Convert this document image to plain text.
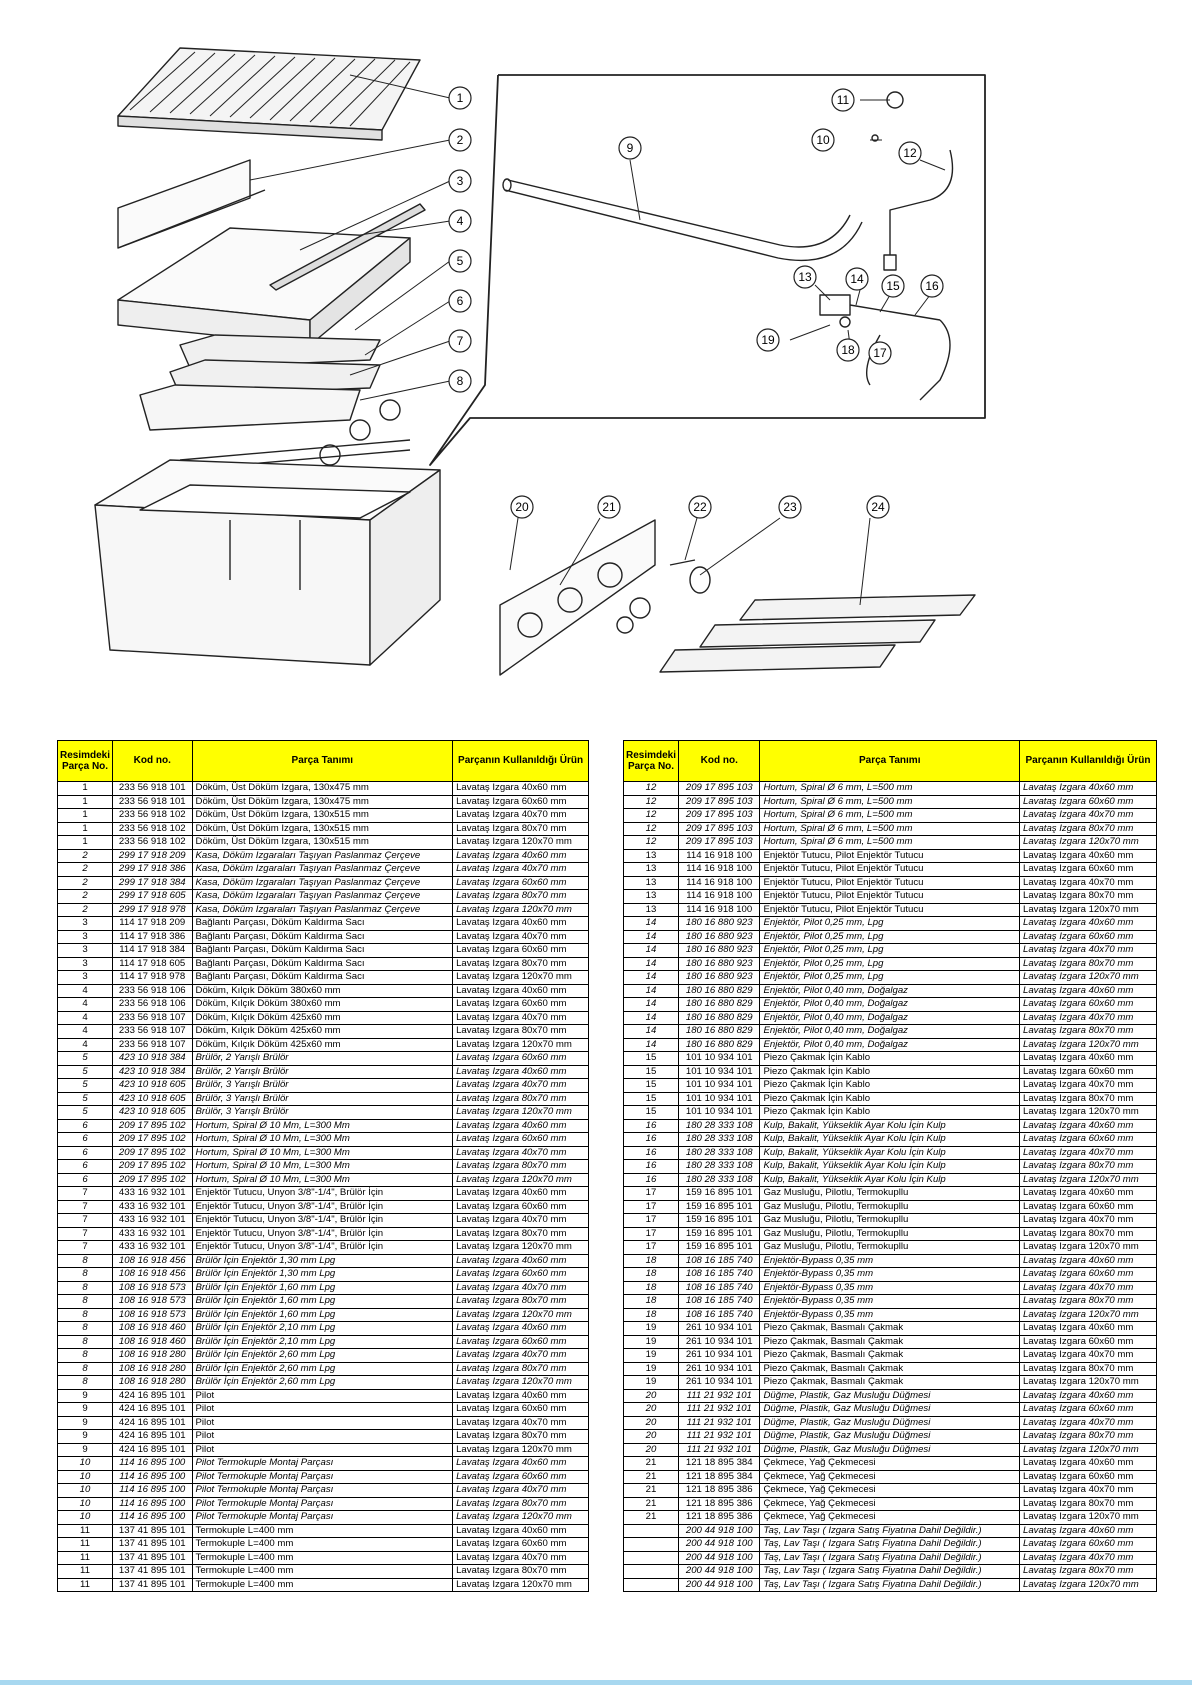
1
2
3
4
5
6
7
8
9
10
11
12
13	14 15 16
17
18
19
20	21	22	23	24
Resimdeki Parça No.	Kod no.	Parça Tanımı	Parçanın Kullanıldığı Ürün
1	233 56 918 101	Döküm, Üst Döküm Izgara, 130x475 mm	Lavataş Izgara 40x60 mm
1	233 56 918 101	Döküm, Üst Döküm Izgara, 130x475 mm	Lavataş Izgara 60x60 mm
1	233 56 918 102	Döküm, Üst Döküm Izgara, 130x515 mm	Lavataş Izgara 40x70 mm
1	233 56 918 102	Döküm, Üst Döküm Izgara, 130x515 mm	Lavataş Izgara 80x70 mm
1	233 56 918 102	Döküm, Üst Döküm Izgara, 130x515 mm	Lavataş Izgara 120x70 mm
2	299 17 918 209	Kasa, Döküm Izgaraları Taşıyan Paslanmaz Çerçeve	Lavataş Izgara 40x60 mm
2	299 17 918 386	Kasa, Döküm Izgaraları Taşıyan Paslanmaz Çerçeve	Lavataş Izgara 40x70 mm
2	299 17 918 384	Kasa, Döküm Izgaraları Taşıyan Paslanmaz Çerçeve	Lavataş Izgara 60x60 mm
2	299 17 918 605	Kasa, Döküm Izgaraları Taşıyan Paslanmaz Çerçeve	Lavataş Izgara 80x70 mm
2	299 17 918 978	Kasa, Döküm Izgaraları Taşıyan Paslanmaz Çerçeve	Lavataş Izgara 120x70 mm
3	114 17 918 209	Bağlantı Parçası, Döküm Kaldırma Sacı	Lavataş Izgara 40x60 mm
3	114 17 918 386	Bağlantı Parçası, Döküm Kaldırma Sacı	Lavataş Izgara 40x70 mm
3	114 17 918 384	Bağlantı Parçası, Döküm Kaldırma Sacı	Lavataş Izgara 60x60 mm
3	114 17 918 605	Bağlantı Parçası, Döküm Kaldırma Sacı	Lavataş Izgara 80x70 mm
3	114 17 918 978	Bağlantı Parçası, Döküm Kaldırma Sacı	Lavataş Izgara 120x70 mm
4	233 56 918 106	Döküm, Kılçık Döküm 380x60 mm	Lavataş Izgara 40x60 mm
4	233 56 918 106	Döküm, Kılçık Döküm 380x60 mm	Lavataş Izgara 60x60 mm
4	233 56 918 107	Döküm, Kılçık Döküm 425x60 mm	Lavataş Izgara 40x70 mm
4	233 56 918 107	Döküm, Kılçık Döküm 425x60 mm	Lavataş Izgara 80x70 mm
4	233 56 918 107	Döküm, Kılçık Döküm 425x60 mm	Lavataş Izgara 120x70 mm
5	423 10 918 384	Brülör, 2 Yarışlı Brülör	Lavataş Izgara 60x60 mm
5	423 10 918 384	Brülör, 2 Yarışlı Brülör	Lavataş Izgara 40x60 mm
5	423 10 918 605	Brülör, 3 Yarışlı Brülör	Lavataş Izgara 40x70 mm
5	423 10 918 605	Brülör, 3 Yarışlı Brülör	Lavataş Izgara 80x70 mm
5	423 10 918 605	Brülör, 3 Yarışlı Brülör	Lavataş Izgara 120x70 mm
6	209 17 895 102	Hortum, Spiral Ø 10 Mm, L=300 Mm	Lavataş Izgara 40x60 mm
6	209 17 895 102	Hortum, Spiral Ø 10 Mm, L=300 Mm	Lavataş Izgara 60x60 mm
6	209 17 895 102	Hortum, Spiral Ø 10 Mm, L=300 Mm	Lavataş Izgara 40x70 mm
6	209 17 895 102	Hortum, Spiral Ø 10 Mm, L=300 Mm	Lavataş Izgara 80x70 mm
6	209 17 895 102	Hortum, Spiral Ø 10 Mm, L=300 Mm	Lavataş Izgara 120x70 mm
7	433 16 932 101	Enjektör Tutucu, Unyon 3/8"-1/4", Brülör İçin	Lavataş Izgara 40x60 mm
7	433 16 932 101	Enjektör Tutucu, Unyon 3/8"-1/4", Brülör İçin	Lavataş Izgara 60x60 mm
7	433 16 932 101	Enjektör Tutucu, Unyon 3/8"-1/4", Brülör İçin	Lavataş Izgara 40x70 mm
7	433 16 932 101	Enjektör Tutucu, Unyon 3/8"-1/4", Brülör İçin	Lavataş Izgara 80x70 mm
7	433 16 932 101	Enjektör Tutucu, Unyon 3/8"-1/4", Brülör İçin	Lavataş Izgara 120x70 mm
8	108 16 918 456	Brülör İçin Enjektör 1,30 mm Lpg	Lavataş Izgara 40x60 mm
8	108 16 918 456	Brülör İçin Enjektör 1,30 mm Lpg	Lavataş Izgara 60x60 mm
8	108 16 918 573	Brülör İçin Enjektör 1,60 mm Lpg	Lavataş Izgara 40x70 mm
8	108 16 918 573	Brülör İçin Enjektör 1,60 mm Lpg	Lavataş Izgara 80x70 mm
8	108 16 918 573	Brülör İçin Enjektör 1,60 mm Lpg	Lavataş Izgara 120x70 mm
8	108 16 918 460	Brülör İçin Enjektör 2,10 mm Lpg	Lavataş Izgara 40x60 mm
8	108 16 918 460	Brülör İçin Enjektör 2,10 mm Lpg	Lavataş Izgara 60x60 mm
8	108 16 918 280	Brülör İçin Enjektör 2,60 mm Lpg	Lavataş Izgara 40x70 mm
8	108 16 918 280	Brülör İçin Enjektör 2,60 mm Lpg	Lavataş Izgara 80x70 mm
8	108 16 918 280	Brülör İçin Enjektör 2,60 mm Lpg	Lavataş Izgara 120x70 mm
9	424 16 895 101	Pilot	Lavataş Izgara 40x60 mm
9	424 16 895 101	Pilot	Lavataş Izgara 60x60 mm
9	424 16 895 101	Pilot	Lavataş Izgara 40x70 mm
9	424 16 895 101	Pilot	Lavataş Izgara 80x70 mm
9	424 16 895 101	Pilot	Lavataş Izgara 120x70 mm
10	114 16 895 100	Pilot Termokuple Montaj Parçası	Lavataş Izgara 40x60 mm
10	114 16 895 100	Pilot Termokuple Montaj Parçası	Lavataş Izgara 60x60 mm
10	114 16 895 100	Pilot Termokuple Montaj Parçası	Lavataş Izgara 40x70 mm
10	114 16 895 100	Pilot Termokuple Montaj Parçası	Lavataş Izgara 80x70 mm
10	114 16 895 100	Pilot Termokuple Montaj Parçası	Lavataş Izgara 120x70 mm
11	137 41 895 101	Termokuple L=400 mm	Lavataş Izgara 40x60 mm
11	137 41 895 101	Termokuple L=400 mm	Lavataş Izgara 60x60 mm
11	137 41 895 101	Termokuple L=400 mm	Lavataş Izgara 40x70 mm
11	137 41 895 101	Termokuple L=400 mm	Lavataş Izgara 80x70 mm
11	137 41 895 101	Termokuple L=400 mm	Lavataş Izgara 120x70 mm
Resimdeki Parça No.	Kod no.	Parça Tanımı	Parçanın Kullanıldığı Ürün
12	209 17 895 103	Hortum, Spiral Ø 6 mm, L=500 mm	Lavataş Izgara 40x60 mm
12	209 17 895 103	Hortum, Spiral Ø 6 mm, L=500 mm	Lavataş Izgara 60x60 mm
12	209 17 895 103	Hortum, Spiral Ø 6 mm, L=500 mm	Lavataş Izgara 40x70 mm
12	209 17 895 103	Hortum, Spiral Ø 6 mm, L=500 mm	Lavataş Izgara 80x70 mm
12	209 17 895 103	Hortum, Spiral Ø 6 mm, L=500 mm	Lavataş Izgara 120x70 mm
13	114 16 918 100	Enjektör Tutucu, Pilot Enjektör Tutucu	Lavataş Izgara 40x60 mm
13	114 16 918 100	Enjektör Tutucu, Pilot Enjektör Tutucu	Lavataş Izgara 60x60 mm
13	114 16 918 100	Enjektör Tutucu, Pilot Enjektör Tutucu	Lavataş Izgara 40x70 mm
13	114 16 918 100	Enjektör Tutucu, Pilot Enjektör Tutucu	Lavataş Izgara 80x70 mm
13	114 16 918 100	Enjektör Tutucu, Pilot Enjektör Tutucu	Lavataş Izgara 120x70 mm
14	180 16 880 923	Enjektör, Pilot 0,25 mm, Lpg	Lavataş Izgara 40x60 mm
14	180 16 880 923	Enjektör, Pilot 0,25 mm, Lpg	Lavataş Izgara 60x60 mm
14	180 16 880 923	Enjektör, Pilot 0,25 mm, Lpg	Lavataş Izgara 40x70 mm
14	180 16 880 923	Enjektör, Pilot 0,25 mm, Lpg	Lavataş Izgara 80x70 mm
14	180 16 880 923	Enjektör, Pilot 0,25 mm, Lpg	Lavataş Izgara 120x70 mm
14	180 16 880 829	Enjektör, Pilot 0,40 mm, Doğalgaz	Lavataş Izgara 40x60 mm
14	180 16 880 829	Enjektör, Pilot 0,40 mm, Doğalgaz	Lavataş Izgara 60x60 mm
14	180 16 880 829	Enjektör, Pilot 0,40 mm, Doğalgaz	Lavataş Izgara 40x70 mm
14	180 16 880 829	Enjektör, Pilot 0,40 mm, Doğalgaz	Lavataş Izgara 80x70 mm
14	180 16 880 829	Enjektör, Pilot 0,40 mm, Doğalgaz	Lavataş Izgara 120x70 mm
15	101 10 934 101	Piezo Çakmak İçin Kablo	Lavataş Izgara 40x60 mm
15	101 10 934 101	Piezo Çakmak İçin Kablo	Lavataş Izgara 60x60 mm
15	101 10 934 101	Piezo Çakmak İçin Kablo	Lavataş Izgara 40x70 mm
15	101 10 934 101	Piezo Çakmak İçin Kablo	Lavataş Izgara 80x70 mm
15	101 10 934 101	Piezo Çakmak İçin Kablo	Lavataş Izgara 120x70 mm
16	180 28 333 108	Kulp, Bakalit, Yükseklik Ayar Kolu İçin Kulp	Lavataş Izgara 40x60 mm
16	180 28 333 108	Kulp, Bakalit, Yükseklik Ayar Kolu İçin Kulp	Lavataş Izgara 60x60 mm
16	180 28 333 108	Kulp, Bakalit, Yükseklik Ayar Kolu İçin Kulp	Lavataş Izgara 40x70 mm
16	180 28 333 108	Kulp, Bakalit, Yükseklik Ayar Kolu İçin Kulp	Lavataş Izgara 80x70 mm
16	180 28 333 108	Kulp, Bakalit, Yükseklik Ayar Kolu İçin Kulp	Lavataş Izgara 120x70 mm
17	159 16 895 101	Gaz Musluğu, Pilotlu, Termokupllu	Lavataş Izgara 40x60 mm
17	159 16 895 101	Gaz Musluğu, Pilotlu, Termokupllu	Lavataş Izgara 60x60 mm
17	159 16 895 101	Gaz Musluğu, Pilotlu, Termokupllu	Lavataş Izgara 40x70 mm
17	159 16 895 101	Gaz Musluğu, Pilotlu, Termokupllu	Lavataş Izgara 80x70 mm
17	159 16 895 101	Gaz Musluğu, Pilotlu, Termokupllu	Lavataş Izgara 120x70 mm
18	108 16 185 740	Enjektör-Bypass 0,35 mm	Lavataş Izgara 40x60 mm
18	108 16 185 740	Enjektör-Bypass 0,35 mm	Lavataş Izgara 60x60 mm
18	108 16 185 740	Enjektör-Bypass 0,35 mm	Lavataş Izgara 40x70 mm
18	108 16 185 740	Enjektör-Bypass 0,35 mm	Lavataş Izgara 80x70 mm
18	108 16 185 740	Enjektör-Bypass 0,35 mm	Lavataş Izgara 120x70 mm
19	261 10 934 101	Piezo Çakmak, Basmalı Çakmak	Lavataş Izgara 40x60 mm
19	261 10 934 101	Piezo Çakmak, Basmalı Çakmak	Lavataş Izgara 60x60 mm
19	261 10 934 101	Piezo Çakmak, Basmalı Çakmak	Lavataş Izgara 40x70 mm
19	261 10 934 101	Piezo Çakmak, Basmalı Çakmak	Lavataş Izgara 80x70 mm
19	261 10 934 101	Piezo Çakmak, Basmalı Çakmak	Lavataş Izgara 120x70 mm
20	111 21 932 101	Düğme, Plastik, Gaz Musluğu Düğmesi	Lavataş Izgara 40x60 mm
20	111 21 932 101	Düğme, Plastik, Gaz Musluğu Düğmesi	Lavataş Izgara 60x60 mm
20	111 21 932 101	Düğme, Plastik, Gaz Musluğu Düğmesi	Lavataş Izgara 40x70 mm
20	111 21 932 101	Düğme, Plastik, Gaz Musluğu Düğmesi	Lavataş Izgara 80x70 mm
20	111 21 932 101	Düğme, Plastik, Gaz Musluğu Düğmesi	Lavataş Izgara 120x70 mm
21	121 18 895 384	Çekmece, Yağ Çekmecesi	Lavataş Izgara 40x60 mm
21	121 18 895 384	Çekmece, Yağ Çekmecesi	Lavataş Izgara 60x60 mm
21	121 18 895 386	Çekmece, Yağ Çekmecesi	Lavataş Izgara 40x70 mm
21	121 18 895 386	Çekmece, Yağ Çekmecesi	Lavataş Izgara 80x70 mm
21	121 18 895 386	Çekmece, Yağ Çekmecesi	Lavataş Izgara 120x70 mm
	200 44 918 100	Taş, Lav Taşı ( Izgara Satış Fiyatına Dahil Değildir.)	Lavataş Izgara 40x60 mm
	200 44 918 100	Taş, Lav Taşı ( Izgara Satış Fiyatına Dahil Değildir.)	Lavataş Izgara 60x60 mm
	200 44 918 100	Taş, Lav Taşı ( Izgara Satış Fiyatına Dahil Değildir.)	Lavataş Izgara 40x70 mm
	200 44 918 100	Taş, Lav Taşı ( Izgara Satış Fiyatına Dahil Değildir.)	Lavataş Izgara 80x70 mm
	200 44 918 100	Taş, Lav Taşı ( Izgara Satış Fiyatına Dahil Değildir.)	Lavataş Izgara 120x70 mm
